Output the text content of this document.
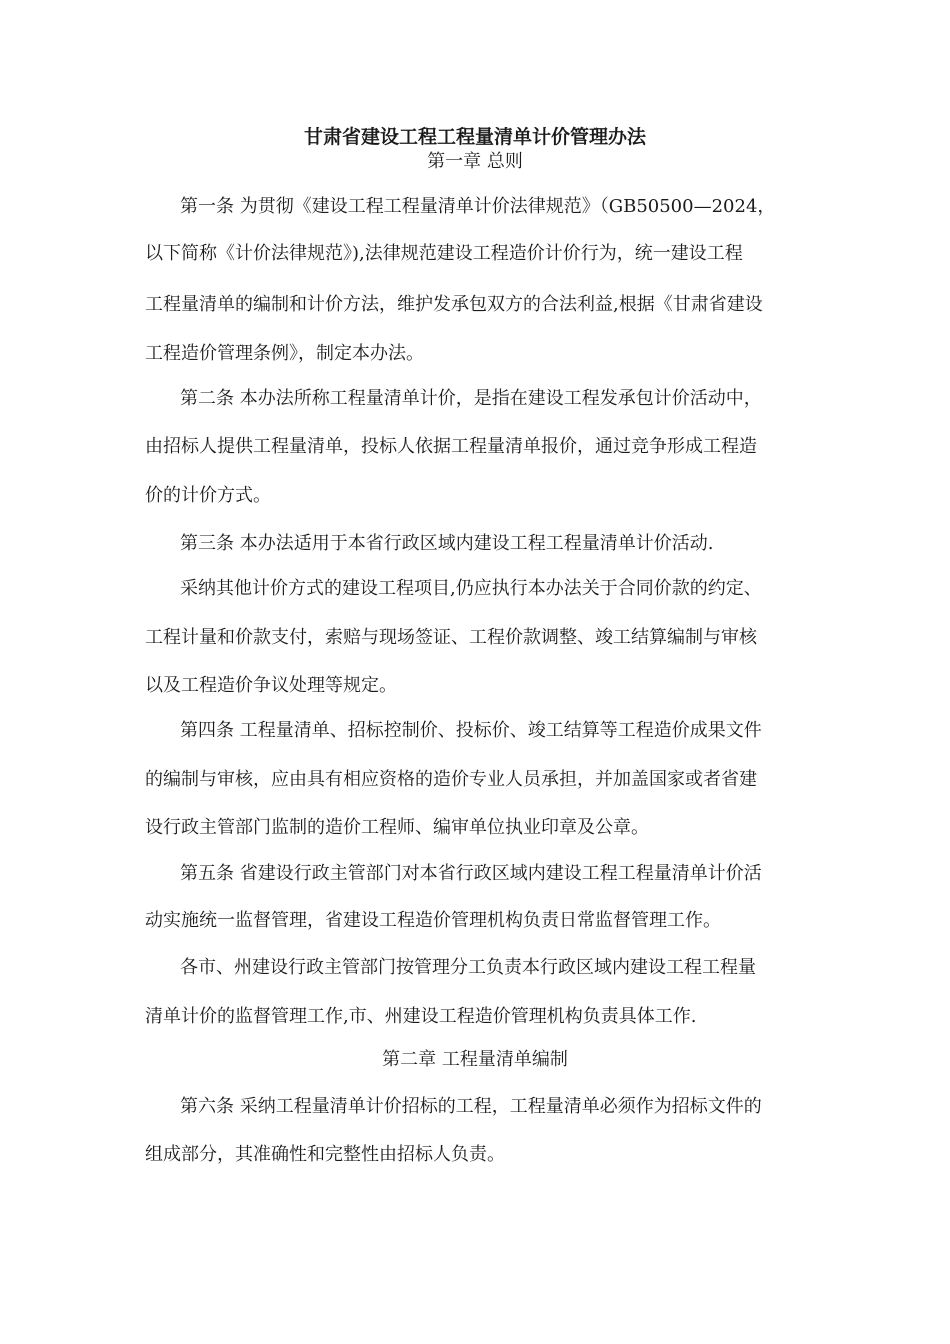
甘肃省建设工程工程量清单计价管理办法
第一章 总则
第一条 为贯彻《建设工程工程量清单计价法律规范》（GB50500—2024，
以下简称《计价法律规范》),法律规范建设工程造价计价行为，统一建设工程
工程量清单的编制和计价方法，维护发承包双方的合法利益,根据《甘肃省建设
工程造价管理条例》，制定本办法。
第二条 本办法所称工程量清单计价，是指在建设工程发承包计价活动中，
由招标人提供工程量清单，投标人依据工程量清单报价，通过竞争形成工程造
价的计价方式。
第三条 本办法适用于本省行政区域内建设工程工程量清单计价活动.
采纳其他计价方式的建设工程项目,仍应执行本办法关于合同价款的约定、
工程计量和价款支付，索赔与现场签证、工程价款调整、竣工结算编制与审核
以及工程造价争议处理等规定。
第四条 工程量清单、招标控制价、投标价、竣工结算等工程造价成果文件
的编制与审核，应由具有相应资格的造价专业人员承担，并加盖国家或者省建
设行政主管部门监制的造价工程师、编审单位执业印章及公章。
第五条 省建设行政主管部门对本省行政区域内建设工程工程量清单计价活
动实施统一监督管理，省建设工程造价管理机构负责日常监督管理工作。
各市、州建设行政主管部门按管理分工负责本行政区域内建设工程工程量
清单计价的监督管理工作,市、州建设工程造价管理机构负责具体工作.
第二章 工程量清单编制
第六条 采纳工程量清单计价招标的工程，工程量清单必须作为招标文件的
组成部分，其准确性和完整性由招标人负责。
